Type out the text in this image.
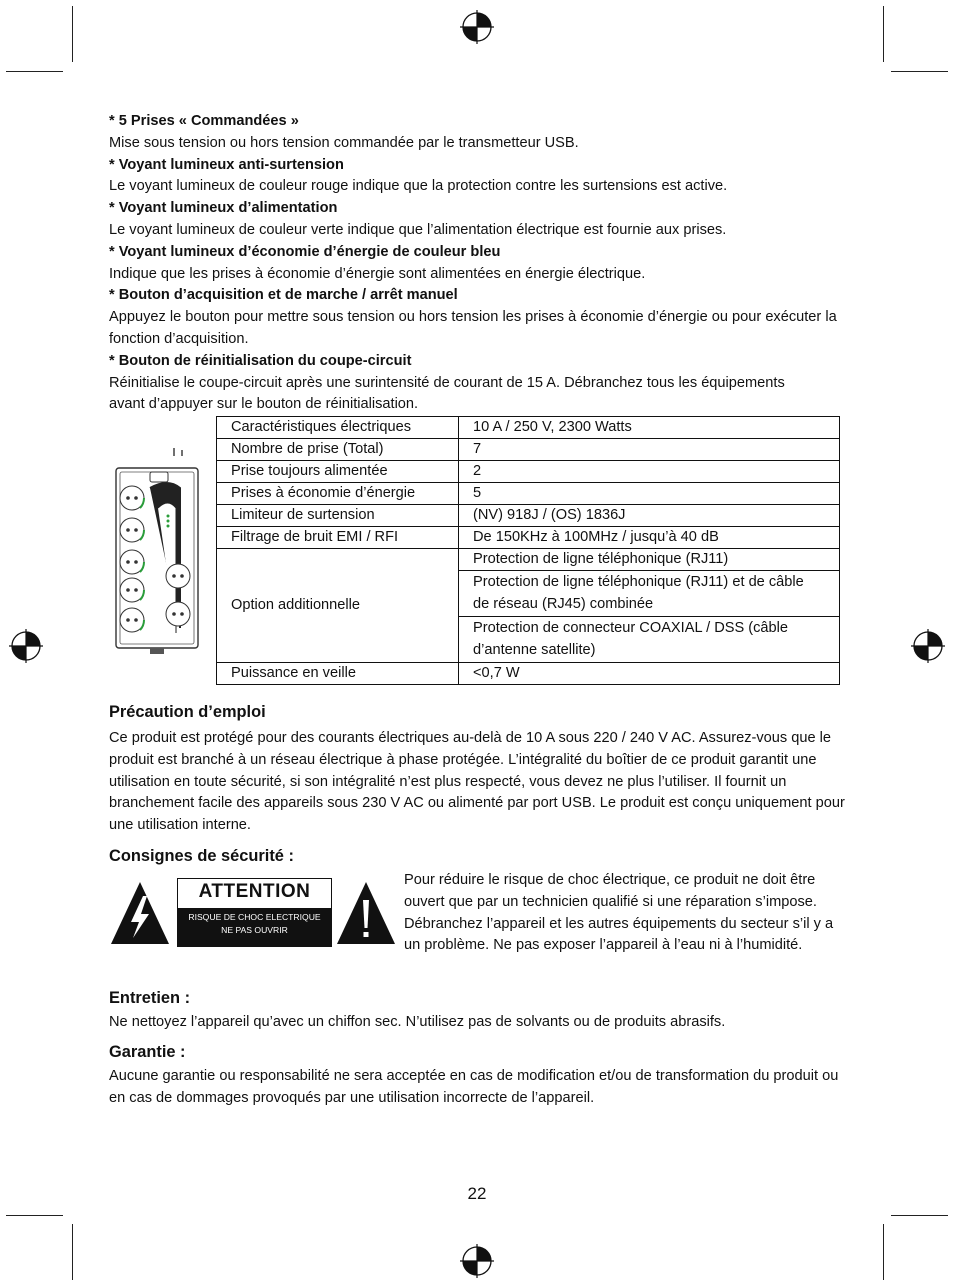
* 5 Prises « Commandées »
Mise sous tension ou hors tension commandée par le transmetteur USB.
* Voyant lumineux anti-surtension
Le voyant lumineux de couleur rouge indique que la protection contre les surtensions est active.
* Voyant lumineux d’alimentation
Le voyant lumineux de couleur verte indique que l’alimentation électrique est fournie aux prises.
* Voyant lumineux d’économie d’énergie de couleur bleu
Indique que les prises à économie d’énergie sont alimentées en énergie électrique.
* Bouton d’acquisition et de marche / arrêt manuel
Appuyez le bouton pour mettre sous tension ou hors tension les prises à économie d’énergie ou pour exécuter la fonction d’acquisition.
* Bouton de réinitialisation du coupe-circuit
Réinitialise le coupe-circuit après une surintensité de courant de 15 A. Débranchez tous les équipements avant d’appuyer sur le bouton de réinitialisation.
Caractéristiques électriques	10 A / 250 V, 2300 Watts
Nombre de prise (Total)	7
Prise toujours alimentée	2
Prises à économie d’énergie	5
Limiteur de surtension	(NV) 918J / (OS) 1836J
Filtrage de bruit EMI / RFI	De 150KHz à 100MHz / jusqu’à 40 dB
Option additionnelle	Protection de ligne téléphonique (RJ11)
	Protection de ligne téléphonique (RJ11) et de câble de réseau (RJ45) combinée
	Protection de connecteur COAXIAL / DSS (câble d’antenne satellite)
Puissance en veille	<0,7 W
Précaution d’emploi
Ce produit est protégé pour des courants électriques au-delà de 10 A sous 220 / 240 V AC. Assurez-vous que le produit est branché à un réseau électrique à phase protégée. L’intégralité du boîtier de ce produit garantit une utilisation en toute sécurité, si son intégralité n’est plus respecté, vous devez ne plus l’utiliser. Il fournit un branchement facile des appareils sous 230 V AC ou alimenté par port USB. Le produit est conçu uniquement pour une utilisation interne.
Consignes de sécurité :
ATTENTION
RISQUE DE CHOC ELECTRIQUE
NE PAS OUVRIR
Pour réduire le risque de choc électrique, ce produit ne doit être ouvert que par un technicien qualifié si une réparation s’impose. Débranchez l’appareil et les autres équipements du secteur s’il y a un problème. Ne pas exposer l’appareil à l’eau ni à l’humidité.
Entretien :
Ne nettoyez l’appareil qu’avec un chiffon sec. N’utilisez pas de solvants ou de produits abrasifs.
Garantie :
Aucune garantie ou responsabilité ne sera acceptée en cas de modification et/ou de transformation du produit ou en cas de dommages provoqués par une utilisation incorrecte de l’appareil.
22
